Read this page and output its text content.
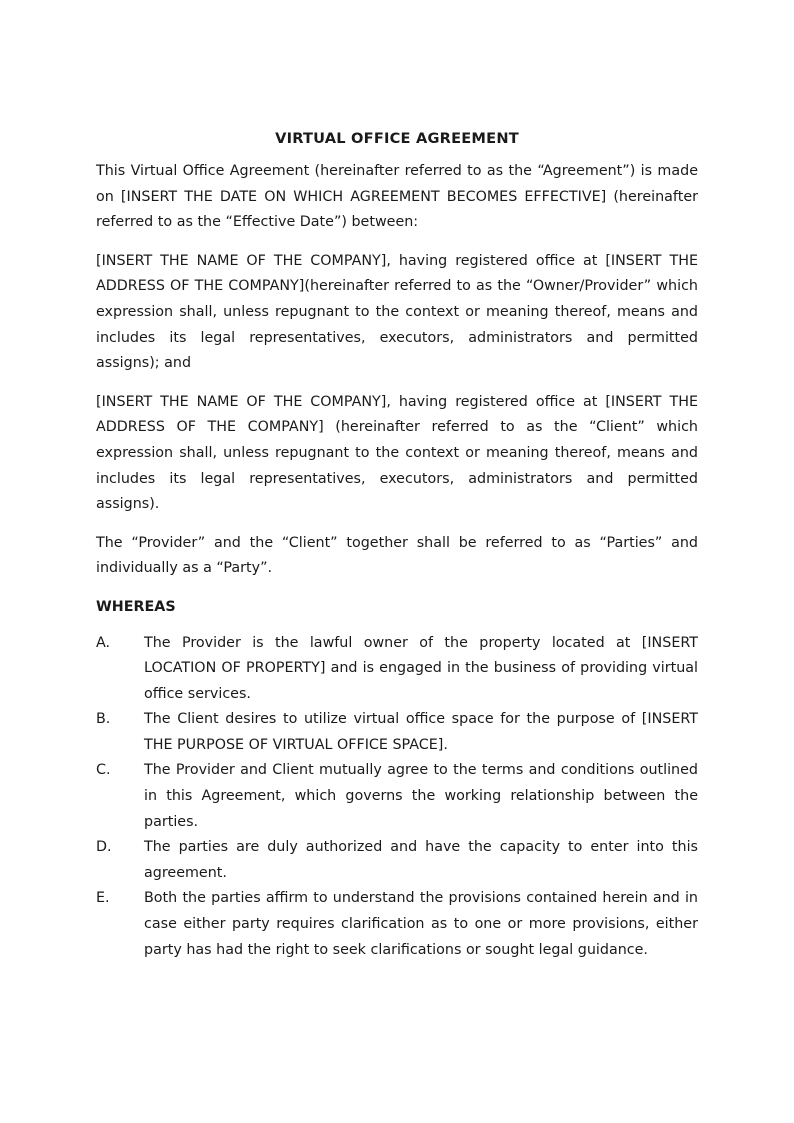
VIRTUAL OFFICE AGREEMENT

This Virtual Office Agreement (hereinafter referred to as the “Agreement”) is made on [INSERT THE DATE ON WHICH AGREEMENT BECOMES EFFECTIVE] (hereinafter referred to as the “Effective Date”) between:

[INSERT THE NAME OF THE COMPANY], having registered office at [INSERT THE ADDRESS OF THE COMPANY](hereinafter referred to as the “Owner/Provider” which expression shall, unless repugnant to the context or meaning thereof, means and includes its legal representatives, executors, administrators and permitted assigns); and

[INSERT THE NAME OF THE COMPANY], having registered office at [INSERT THE ADDRESS OF THE COMPANY] (hereinafter referred to as the “Client” which expression shall, unless repugnant to the context or meaning thereof, means and includes its legal representatives, executors, administrators and permitted assigns).

The “Provider” and the “Client” together shall be referred to as “Parties” and individually as a “Party”.

WHEREAS
A.	The Provider is the lawful owner of the property located at [INSERT LOCATION OF PROPERTY] and is engaged in the business of providing virtual office services.
B.	The Client desires to utilize virtual office space for the purpose of [INSERT THE PURPOSE OF VIRTUAL OFFICE SPACE].
C.	The Provider and Client mutually agree to the terms and conditions outlined in this Agreement, which governs the working relationship between the parties.
D.	The parties are duly authorized and have the capacity to enter into this agreement.
E.	Both the parties affirm to understand the provisions contained herein and in case either party requires clarification as to one or more provisions, either party has had the right to seek clarifications or sought legal guidance.
